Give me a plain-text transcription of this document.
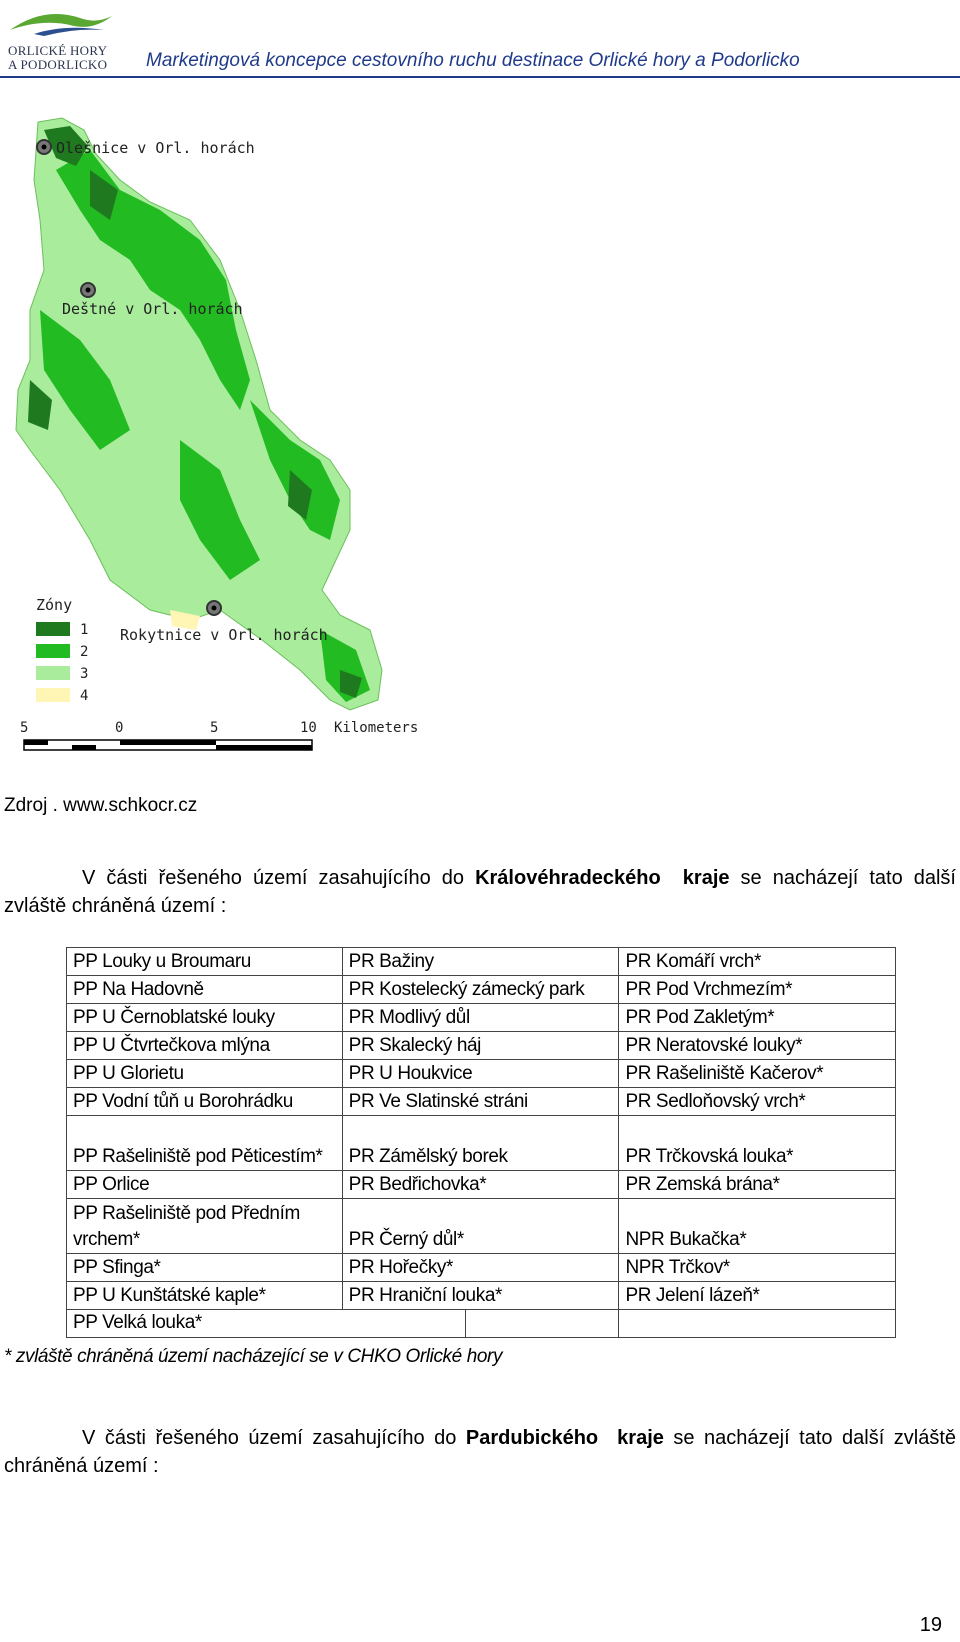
ORLICKÉ HORY
A PODORLICKO Marketingová koncepce cestovního ruchu destinace Orlické hory a Podorlicko
Olešnice v Orl. horách
Deštné v Orl. horách
Rokytnice v Orl. horách
Zóny
1
2
3
4
5	0	5	10 Kilometers
Zdroj . www.schkocr.cz
V části řešeného území zasahujícího do Královéhradeckého kraje se nacházejí tato další zvláště chráněná území :
PP Louky u Broumaru	PR Bažiny	PR Komáří vrch*
PP Na Hadovně	PR Kostelecký zámecký park	PR Pod Vrchmezím*
PP U Černoblatské louky	PR Modlivý důl	PR Pod Zakletým*
PP U Čtvrtečkova mlýna	PR Skalecký háj	PR Neratovské louky*
PP U Glorietu	PR U Houkvice	PR Rašeliniště Kačerov*
PP Vodní tůň u Borohrádku	PR Ve Slatinské stráni	PR Sedloňovský vrch*
PP Rašeliniště pod Pěticestím*	PR Zámělský borek	PR Trčkovská louka*
PP Orlice	PR Bedřichovka*	PR Zemská brána*
PP Rašeliniště pod Předním vrchem*	PR Černý důl*	NPR Bukačka*
PP Sfinga*	PR Hořečky*	NPR Trčkov*
PP U Kunštátské kaple*	PR Hraniční louka*	PR Jelení lázeň*

PP Velká louka*		

* zvláště chráněná území nacházející se v CHKO Orlické hory
V části řešeného území zasahujícího do Pardubického kraje se nacházejí tato další zvláště chráněná území :
19
